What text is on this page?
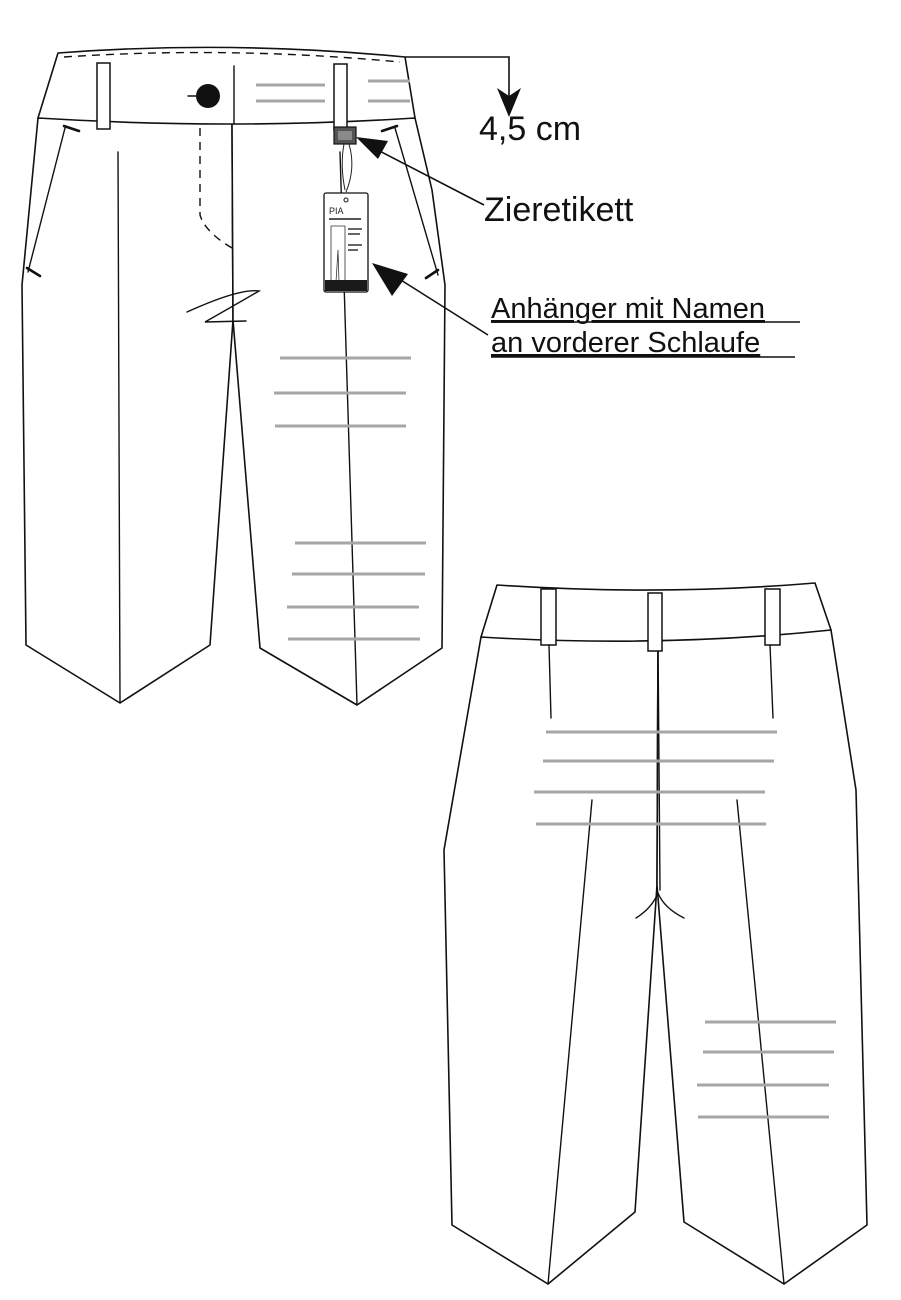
PIA
4,5 cm
Zieretikett
Anhänger mit Namen
an vorderer Schlaufe
